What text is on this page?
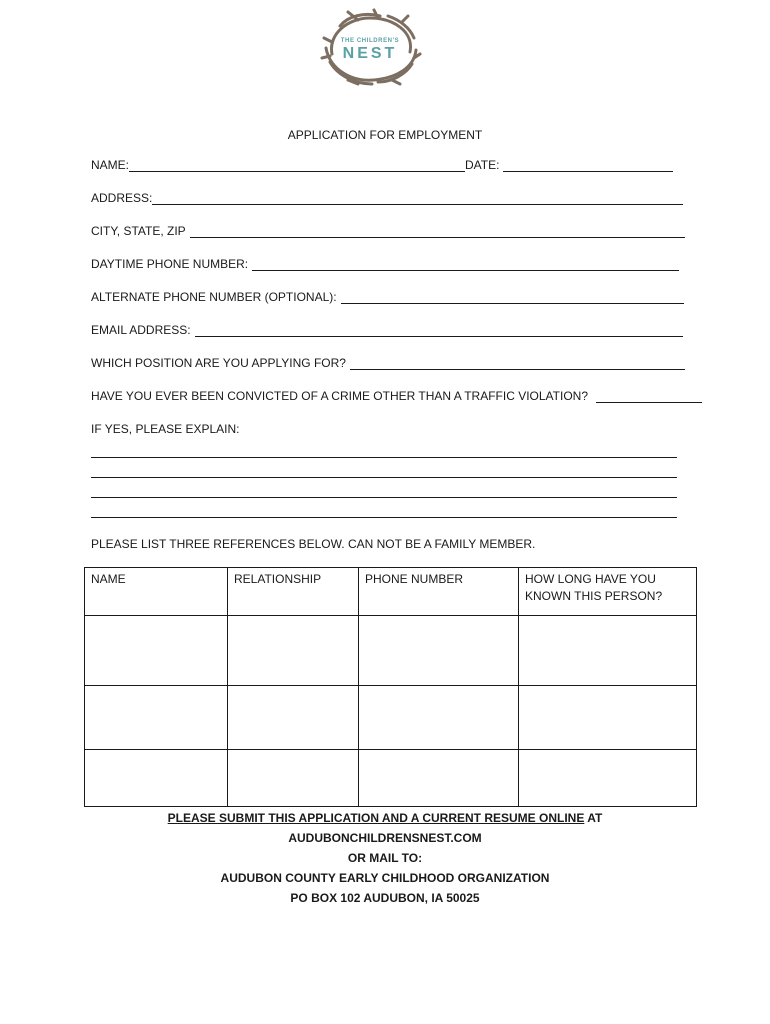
THE CHILDREN'S
NEST
APPLICATION FOR EMPLOYMENT
NAME:	DATE:
ADDRESS:
CITY, STATE, ZIP
DAYTIME PHONE NUMBER:
ALTERNATE PHONE NUMBER (OPTIONAL):
EMAIL ADDRESS:
WHICH POSITION ARE YOU APPLYING FOR?
HAVE YOU EVER BEEN CONVICTED OF A CRIME OTHER THAN A TRAFFIC VIOLATION?
IF YES, PLEASE EXPLAIN:
PLEASE LIST THREE REFERENCES BELOW. CAN NOT BE A FAMILY MEMBER.
NAME	RELATIONSHIP	PHONE NUMBER	HOW LONG HAVE YOU KNOWN THIS PERSON?

PLEASE SUBMIT THIS APPLICATION AND A CURRENT RESUME ONLINE AT
AUDUBONCHILDRENSNEST.COM
OR MAIL TO:
AUDUBON COUNTY EARLY CHILDHOOD ORGANIZATION
PO BOX 102 AUDUBON, IA 50025
